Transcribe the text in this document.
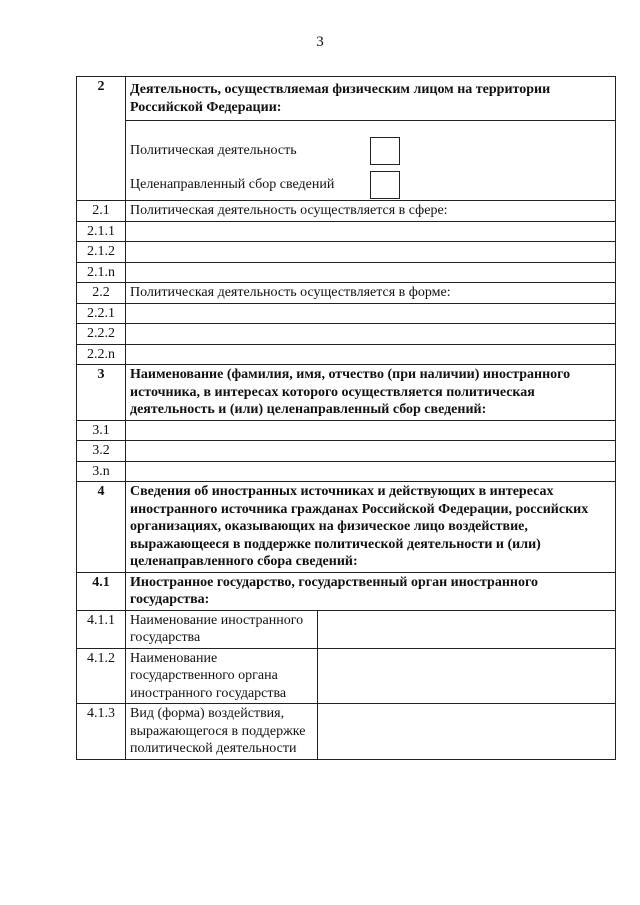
3
2	Деятельность, осуществляемая физическим лицом на территории Российской Федерации:
Политическая деятельность
Целенаправленный сбор сведений	

2.1	Политическая деятельность осуществляется в сфере:	
2.1.1		
2.1.2		
2.1.n		
2.2	Политическая деятельность осуществляется в форме:	
2.2.1		
2.2.2		
2.2.n		
3	Наименование (фамилия, имя, отчество (при наличии) иностранного источника, в интересах которого осуществляется политическая деятельность и (или) целенаправленный сбор сведений:	
3.1		
3.2		
3.n		
4	Сведения об иностранных источниках и действующих в интересах иностранного источника гражданах Российской Федерации, российских организациях, оказывающих на физическое лицо воздействие, выражающееся в поддержке политической деятельности и (или) целенаправленного сбора сведений:	
4.1	Иностранное государство, государственный орган иностранного государства:	
4.1.1	Наименование иностранного государства	
4.1.2	Наименование государственного органа иностранного государства	
4.1.3	Вид (форма) воздействия, выражающегося в поддержке политической деятельности	
